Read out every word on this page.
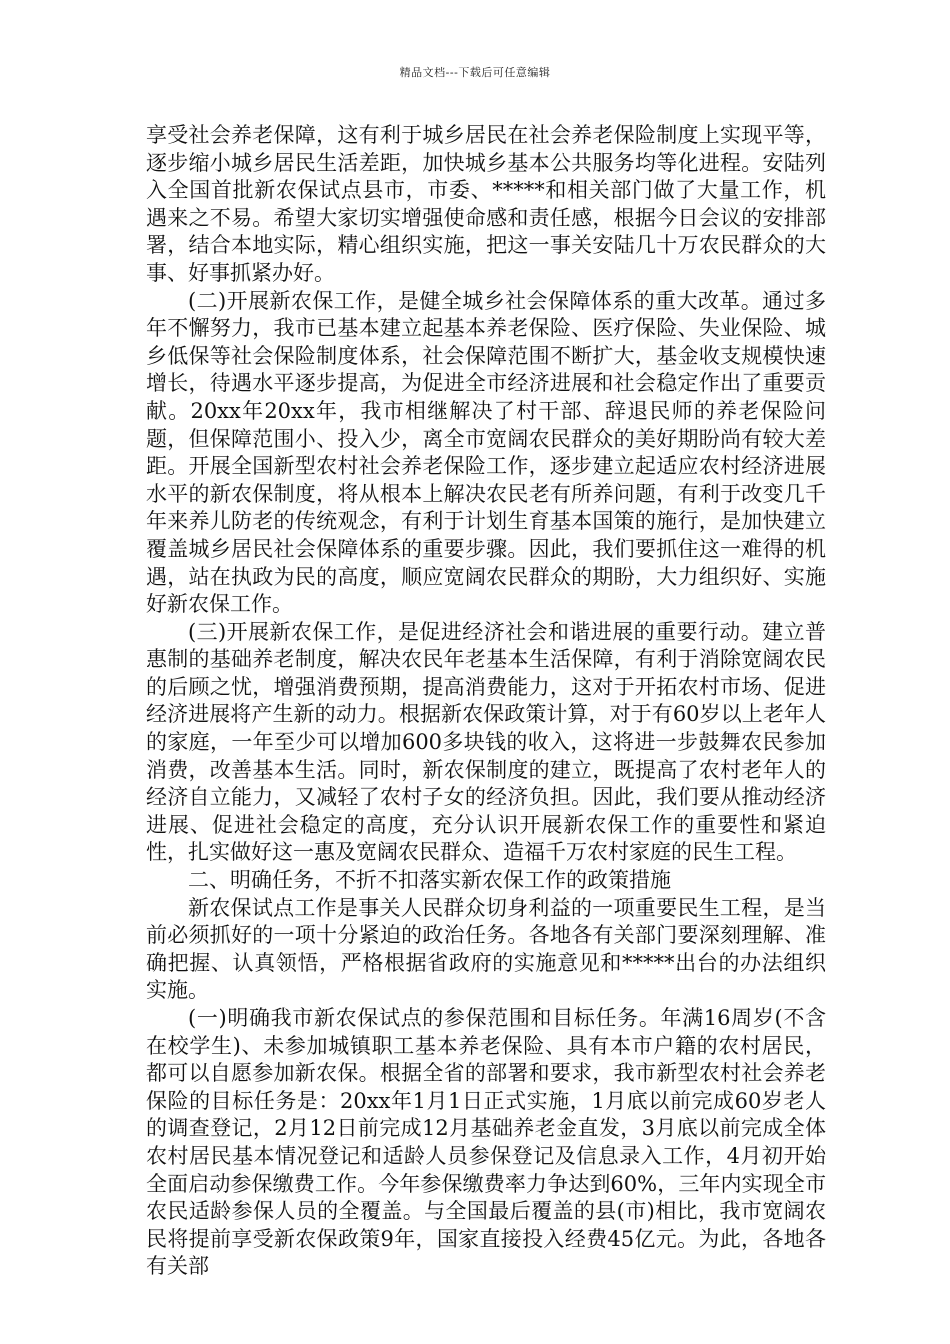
精品文档---下载后可任意编辑

享受社会养老保障，这有利于城乡居民在社会养老保险制度上实现平等，逐步缩小城乡居民生活差距，加快城乡基本公共服务均等化进程。安陆列入全国首批新农保试点县市，市委、*****和相关部门做了大量工作，机遇来之不易。希望大家切实增强使命感和责任感，根据今日会议的安排部署，结合本地实际，精心组织实施，把这一事关安陆几十万农民群众的大事、好事抓紧办好。

(二)开展新农保工作，是健全城乡社会保障体系的重大改革。通过多年不懈努力，我市已基本建立起基本养老保险、医疗保险、失业保险、城乡低保等社会保险制度体系，社会保障范围不断扩大，基金收支规模快速增长，待遇水平逐步提高，为促进全市经济进展和社会稳定作出了重要贡献。20xx年20xx年，我市相继解决了村干部、辞退民师的养老保险问题，但保障范围小、投入少，离全市宽阔农民群众的美好期盼尚有较大差距。开展全国新型农村社会养老保险工作，逐步建立起适应农村经济进展水平的新农保制度，将从根本上解决农民老有所养问题，有利于改变几千年来养儿防老的传统观念，有利于计划生育基本国策的施行，是加快建立覆盖城乡居民社会保障体系的重要步骤。因此，我们要抓住这一难得的机遇，站在执政为民的高度，顺应宽阔农民群众的期盼，大力组织好、实施好新农保工作。

(三)开展新农保工作，是促进经济社会和谐进展的重要行动。建立普惠制的基础养老制度，解决农民年老基本生活保障，有利于消除宽阔农民的后顾之忧，增强消费预期，提高消费能力，这对于开拓农村市场、促进经济进展将产生新的动力。根据新农保政策计算，对于有60岁以上老年人的家庭，一年至少可以增加600多块钱的收入，这将进一步鼓舞农民参加消费，改善基本生活。同时，新农保制度的建立，既提高了农村老年人的经济自立能力，又减轻了农村子女的经济负担。因此，我们要从推动经济进展、促进社会稳定的高度，充分认识开展新农保工作的重要性和紧迫性，扎实做好这一惠及宽阔农民群众、造福千万农村家庭的民生工程。

二、明确任务，不折不扣落实新农保工作的政策措施

新农保试点工作是事关人民群众切身利益的一项重要民生工程，是当前必须抓好的一项十分紧迫的政治任务。各地各有关部门要深刻理解、准确把握、认真领悟，严格根据省政府的实施意见和*****出台的办法组织实施。

(一)明确我市新农保试点的参保范围和目标任务。年满16周岁(不含在校学生)、未参加城镇职工基本养老保险、具有本市户籍的农村居民，都可以自愿参加新农保。根据全省的部署和要求，我市新型农村社会养老保险的目标任务是：20xx年1月1日正式实施，1月底以前完成60岁老人的调查登记，2月12日前完成12月基础养老金直发，3月底以前完成全体农村居民基本情况登记和适龄人员参保登记及信息录入工作，4月初开始全面启动参保缴费工作。今年参保缴费率力争达到60%，三年内实现全市农民适龄参保人员的全覆盖。与全国最后覆盖的县(市)相比，我市宽阔农民将提前享受新农保政策9年，国家直接投入经费45亿元。为此，各地各有关部
